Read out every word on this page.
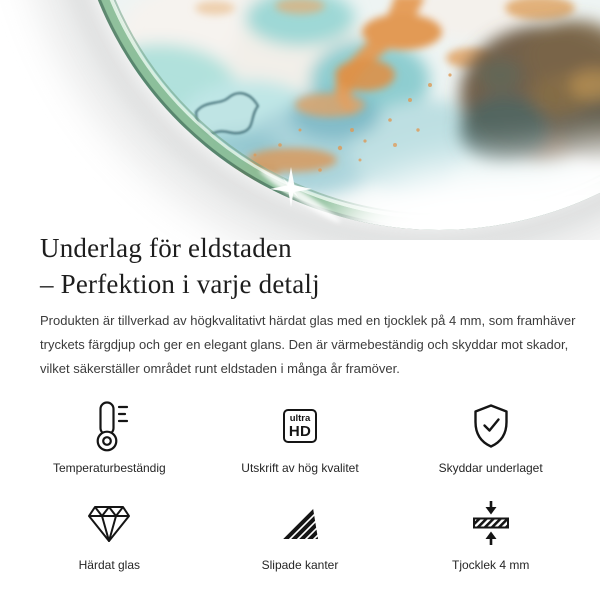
Underlag för eldstaden
– Perfektion i varje detalj

Produkten är tillverkad av högkvalitativt härdat glas med en tjocklek på 4 mm, som framhäver

tryckets färgdjup och ger en elegant glans. Den är värmebeständig och skyddar mot skador,

vilket säkerställer området runt eldstaden i många år framöver.

Temperaturbeständig
ultra
HD
Utskrift av hög kvalitet	Skyddar underlaget
Härdat glas	Slipade kanter	Tjocklek 4 mm
